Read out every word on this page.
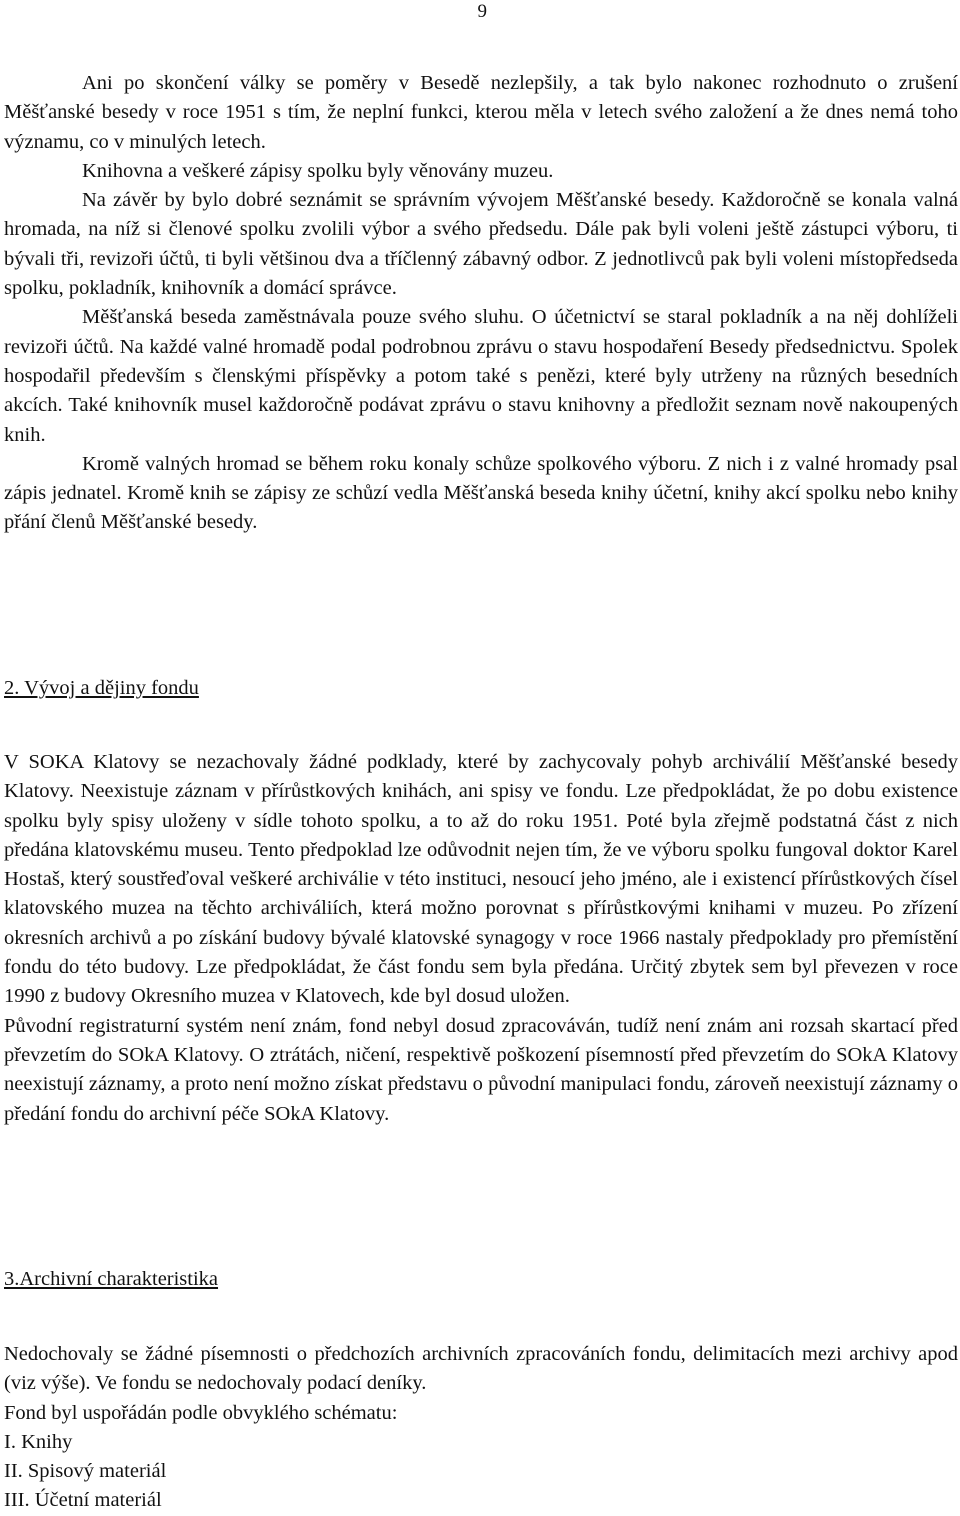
9

Ani po skončení války se poměry v Besedě nezlepšily, a tak bylo nakonec rozhodnuto o zrušení Měšťanské besedy v roce 1951 s tím, že neplní funkci, kterou měla v letech svého založení a že dnes nemá toho významu, co v minulých letech.

Knihovna a veškeré zápisy spolku byly věnovány muzeu.

Na závěr by bylo dobré seznámit se správním vývojem Měšťanské besedy. Každoročně se konala valná hromada, na níž si členové spolku zvolili výbor a svého předsedu. Dále pak byli voleni ještě zástupci výboru, ti bývali tři, revizoři účtů, ti byli většinou dva a tříčlenný zábavný odbor. Z jednotlivců pak byli voleni místopředseda spolku, pokladník, knihovník a domácí správce.

Měšťanská beseda zaměstnávala pouze svého sluhu. O účetnictví se staral pokladník a na něj dohlíželi revizoři účtů. Na každé valné hromadě podal podrobnou zprávu o stavu hospodaření Besedy předsednictvu. Spolek hospodařil především s členskými příspěvky a potom také s penězi, které byly utrženy na různých besedních akcích. Také knihovník musel každoročně podávat zprávu o stavu knihovny a předložit seznam nově nakoupených knih.

Kromě valných hromad se během roku konaly schůze spolkového výboru. Z nich i z valné hromady psal zápis jednatel. Kromě knih se zápisy ze schůzí vedla Měšťanská beseda knihy účetní, knihy akcí spolku nebo knihy přání členů Měšťanské besedy.

2. Vývoj a dějiny fondu

V SOKA Klatovy se nezachovaly žádné podklady, které by zachycovaly pohyb archiválií Měšťanské besedy Klatovy. Neexistuje záznam v přírůstkových knihách, ani spisy ve fondu. Lze předpokládat, že po dobu existence spolku byly spisy uloženy v sídle tohoto spolku, a to až do roku 1951. Poté byla zřejmě podstatná část z nich předána klatovskému museu. Tento předpoklad lze odůvodnit nejen tím, že ve výboru spolku fungoval doktor Karel Hostaš, který soustřeďoval veškeré archiválie v této instituci, nesoucí jeho jméno, ale i existencí přírůstkových čísel klatovského muzea na těchto archiváliích, která možno porovnat s přírůstkovými knihami v muzeu. Po zřízení okresních archivů a po získání budovy bývalé klatovské synagogy v roce 1966 nastaly předpoklady pro přemístění fondu do této budovy. Lze předpokládat, že část fondu sem byla předána. Určitý zbytek sem byl převezen v roce 1990 z budovy Okresního muzea v Klatovech, kde byl dosud uložen.

Původní registraturní systém není znám, fond nebyl dosud zpracováván, tudíž není znám ani rozsah skartací před převzetím do SOkA Klatovy. O ztrátách, ničení, respektivě poškození písemností před převzetím do SOkA Klatovy neexistují záznamy, a proto není možno získat představu o původní manipulaci fondu, zároveň neexistují záznamy o předání fondu do archivní péče SOkA Klatovy.

3.Archivní charakteristika

Nedochovaly se žádné písemnosti o předchozích archivních zpracováních fondu, delimitacích mezi archivy apod (viz výše). Ve fondu se nedochovaly podací deníky.

Fond byl uspořádán podle obvyklého schématu:

I. Knihy
II. Spisový materiál
III. Účetní materiál
